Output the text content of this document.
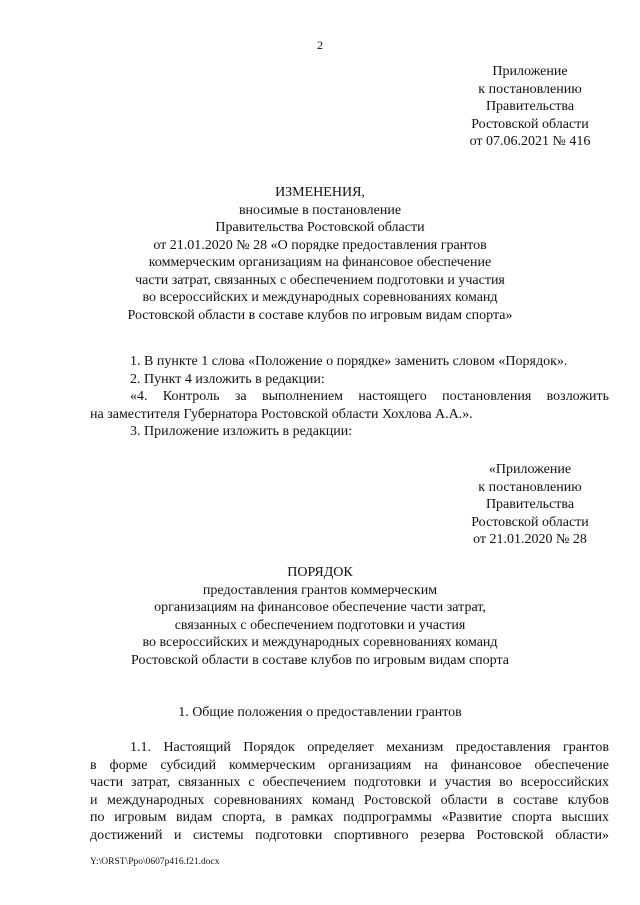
2
Приложение
к постановлению
Правительства
Ростовской области
от 07.06.2021 № 416
ИЗМЕНЕНИЯ,
вносимые в постановление
Правительства Ростовской области
от 21.01.2020 № 28 «О порядке предоставления грантов
коммерческим организациям на финансовое обеспечение
части затрат, связанных с обеспечением подготовки и участия
во всероссийских и международных соревнованиях команд
Ростовской области в составе клубов по игровым видам спорта»
1. В пункте 1 слова «Положение о порядке» заменить словом «Порядок».
2. Пункт 4 изложить в редакции:
«4. Контроль за выполнением настоящего постановления возложить
на заместителя Губернатора Ростовской области Хохлова А.А.».
3. Приложение изложить в редакции:
«Приложение
к постановлению
Правительства
Ростовской области
от 21.01.2020 № 28
ПОРЯДОК
предоставления грантов коммерческим
организациям на финансовое обеспечение части затрат,
связанных с обеспечением подготовки и участия
во всероссийских и международных соревнованиях команд
Ростовской области в составе клубов по игровым видам спорта
1. Общие положения о предоставлении грантов
1.1. Настоящий Порядок определяет механизм предоставления грантов
в форме субсидий коммерческим организациям на финансовое обеспечение
части затрат, связанных с обеспечением подготовки и участия во всероссийских
и международных соревнованиях команд Ростовской области в составе клубов
по игровым видам спорта, в рамках подпрограммы «Развитие спорта высших
достижений и системы подготовки спортивного резерва Ростовской области»
Y:\ORST\Ppo\0607p416.f21.docx
